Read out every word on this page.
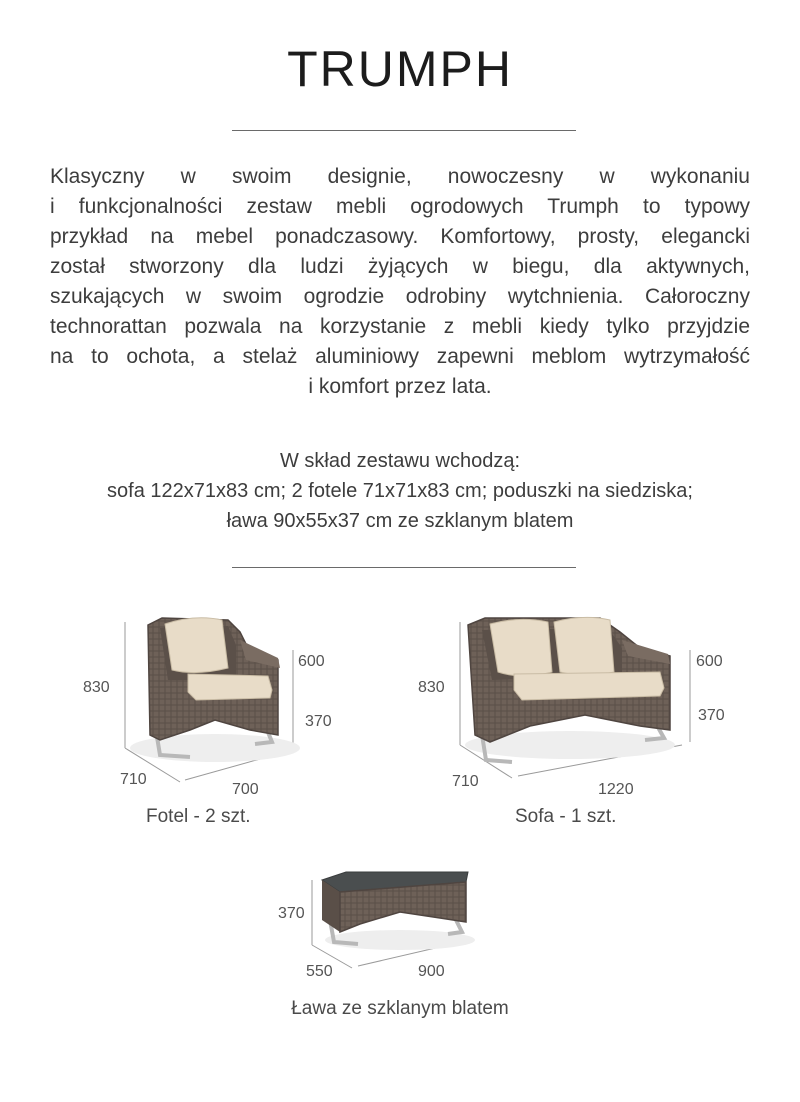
TRUMPH
Klasyczny w swoim designie, nowoczesny w wykonaniu
i funkcjonalności zestaw mebli ogrodowych Trumph to typowy
przykład na mebel ponadczasowy. Komfortowy, prosty, elegancki
został stworzony dla ludzi żyjących w biegu, dla aktywnych,
szukających w swoim ogrodzie odrobiny wytchnienia. Całoroczny
technorattan pozwala na korzystanie z mebli kiedy tylko przyjdzie
na to ochota, a stelaż aluminiowy zapewni meblom wytrzymałość
i komfort przez lata.
W skład zestawu wchodzą:
sofa 122x71x83 cm; 2 fotele 71x71x83 cm; poduszki na siedziska;
ława 90x55x37 cm ze szklanym blatem
830
600
370
710
700
830
600
370
710	1220
370
550	900
Fotel - 2 szt.	Sofa - 1 szt.
Ława ze szklanym blatem
